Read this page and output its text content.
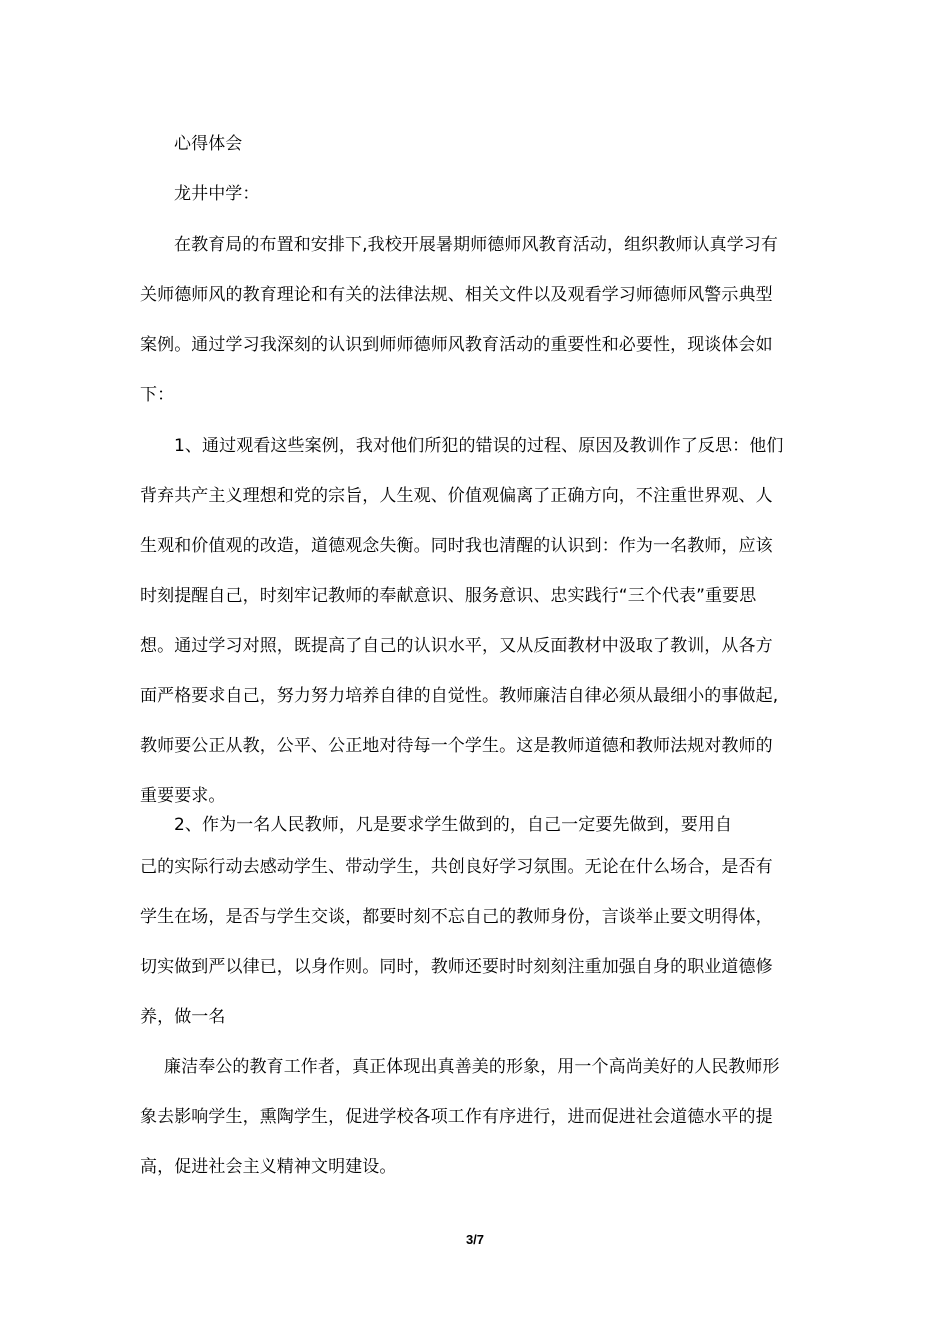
心得体会
龙井中学：
在教育局的布置和安排下,我校开展暑期师德师风教育活动，组织教师认真学习有
关师德师风的教育理论和有关的法律法规、相关文件以及观看学习师德师风警示典型
案例。通过学习我深刻的认识到师师德师风教育活动的重要性和必要性，现谈体会如
下：
1、通过观看这些案例，我对他们所犯的错误的过程、原因及教训作了反思：他们
背弃共产主义理想和党的宗旨，人生观、价值观偏离了正确方向，不注重世界观、人
生观和价值观的改造，道德观念失衡。同时我也清醒的认识到：作为一名教师，应该
时刻提醒自己，时刻牢记教师的奉献意识、服务意识、忠实践行“三个代表”重要思
想。通过学习对照，既提高了自己的认识水平，又从反面教材中汲取了教训，从各方
面严格要求自己，努力努力培养自律的自觉性。教师廉洁自律必须从最细小的事做起,
教师要公正从教，公平、公正地对待每一个学生。这是教师道德和教师法规对教师的
重要要求。
2、作为一名人民教师，凡是要求学生做到的，自己一定要先做到，要用自
己的实际行动去感动学生、带动学生，共创良好学习氛围。无论在什么场合，是否有
学生在场，是否与学生交谈，都要时刻不忘自己的教师身份，言谈举止要文明得体，
切实做到严以律已，以身作则。同时，教师还要时时刻刻注重加强自身的职业道德修
养，做一名
廉洁奉公的教育工作者，真正体现出真善美的形象，用一个高尚美好的人民教师形
象去影响学生，熏陶学生，促进学校各项工作有序进行，进而促进社会道德水平的提
高，促进社会主义精神文明建设。
3/7
